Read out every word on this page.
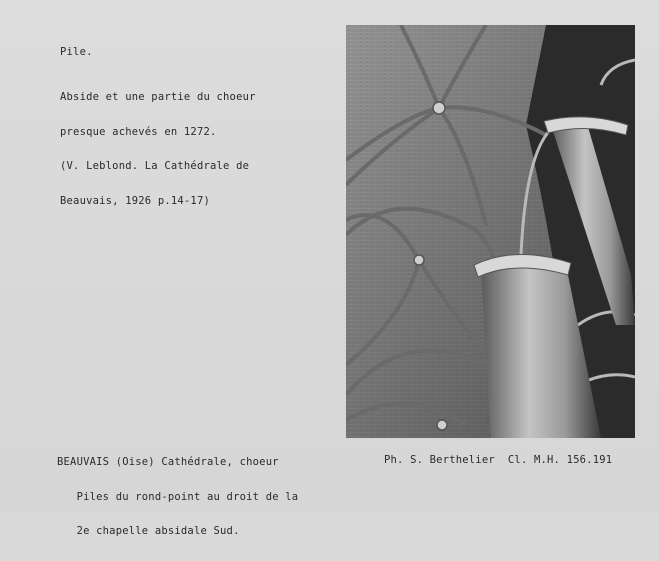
Pile.

Abside et une partie du choeur

presque achevés en 1272.

(V. Leblond. La Cathédrale de

Beauvais, 1926 p.14-17)

BEAUVAIS (Oise) Cathédrale, choeur

Piles du rond-point au droit de la

2e chapelle absidale Sud.

Ph. S. Berthelier  Cl. M.H. 156.191
